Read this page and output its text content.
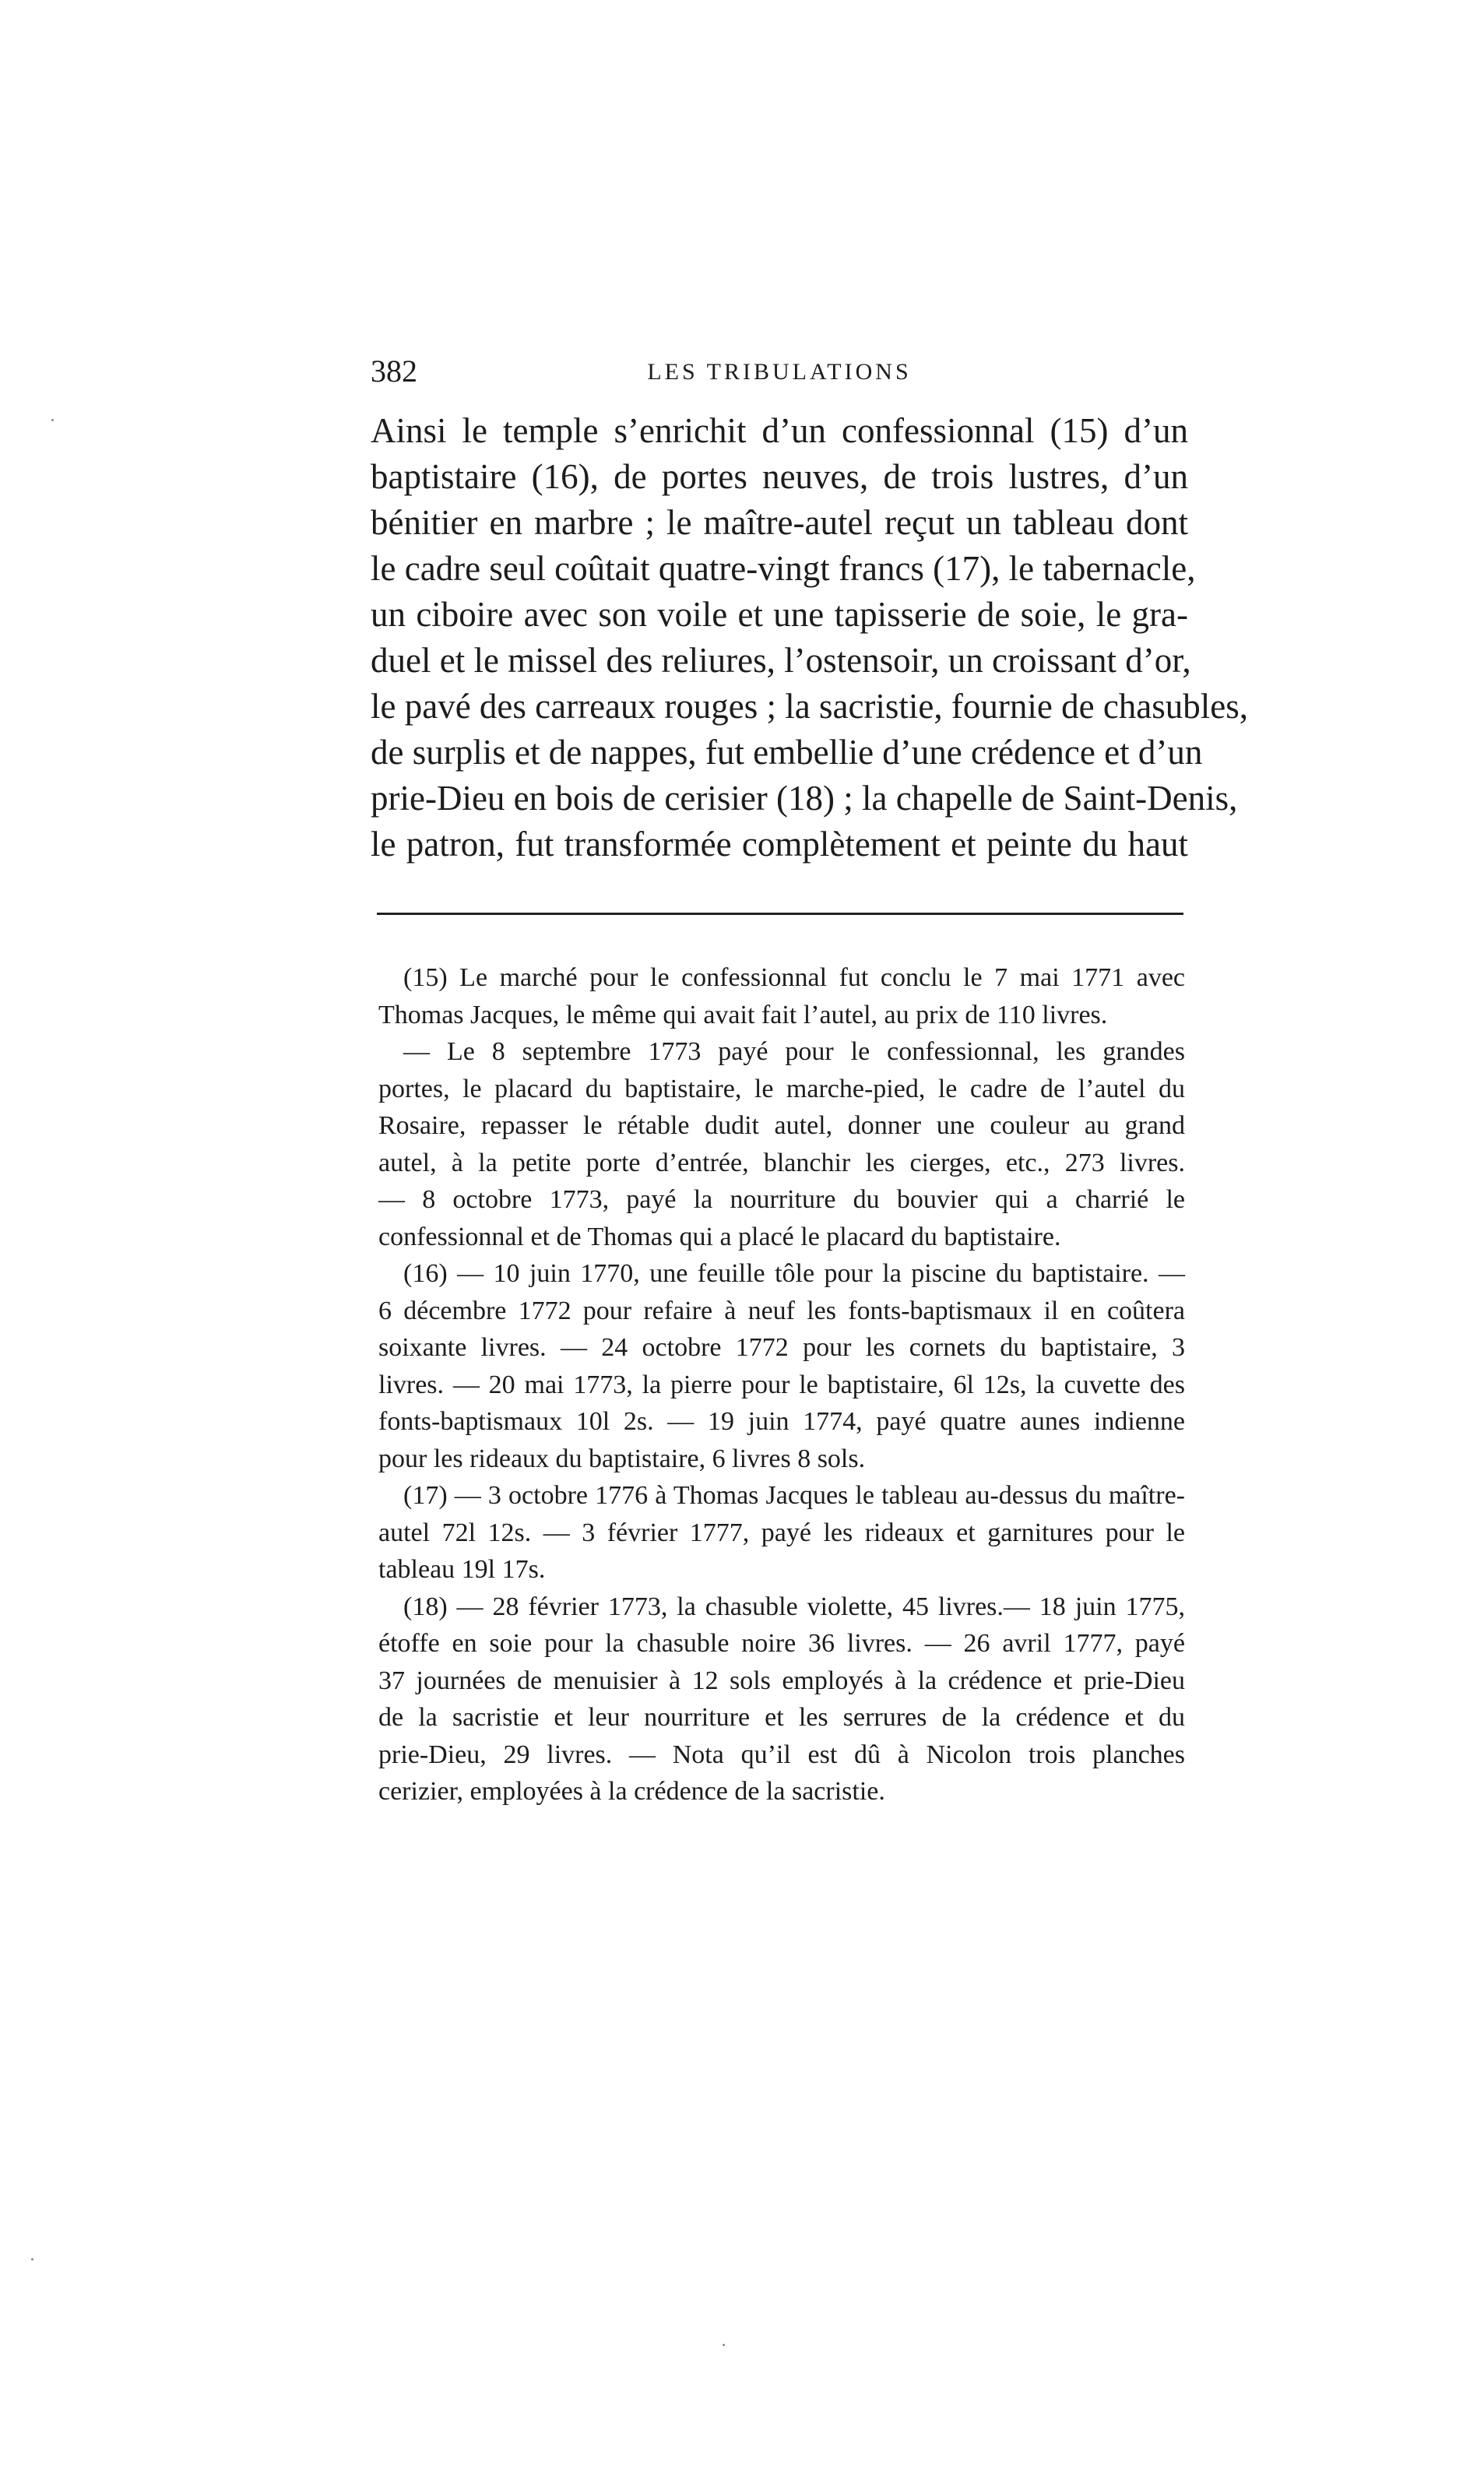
382	LES TRIBULATIONS
Ainsi le temple s’enrichit d’un confessionnal (15) d’un
baptistaire (16), de portes neuves, de trois lustres, d’un
bénitier en marbre ; le maître-autel reçut un tableau dont
le cadre seul coûtait quatre-vingt francs (17), le tabernacle,
un ciboire avec son voile et une tapisserie de soie, le gra-
duel et le missel des reliures, l’ostensoir, un croissant d’or,
le pavé des carreaux rouges ; la sacristie, fournie de chasubles,
de surplis et de nappes, fut embellie d’une crédence et d’un
prie-Dieu en bois de cerisier (18) ; la chapelle de Saint-Denis,
le patron, fut transformée complètement et peinte du haut
(15) Le marché pour le confessionnal fut conclu le 7 mai 1771 avec
Thomas Jacques, le même qui avait fait l’autel, au prix de 110 livres.
— Le 8 septembre 1773 payé pour le confessionnal, les grandes
portes, le placard du baptistaire, le marche-pied, le cadre de l’autel du
Rosaire, repasser le rétable dudit autel, donner une couleur au grand
autel, à la petite porte d’entrée, blanchir les cierges, etc., 273 livres.
— 8 octobre 1773, payé la nourriture du bouvier qui a charrié le
confessionnal et de Thomas qui a placé le placard du baptistaire.
(16) — 10 juin 1770, une feuille tôle pour la piscine du baptistaire. —
6 décembre 1772 pour refaire à neuf les fonts-baptismaux il en coûtera
soixante livres. — 24 octobre 1772 pour les cornets du baptistaire, 3
livres. — 20 mai 1773, la pierre pour le baptistaire, 6l 12s, la cuvette des
fonts-baptismaux 10l 2s. — 19 juin 1774, payé quatre aunes indienne
pour les rideaux du baptistaire, 6 livres 8 sols.
(17) — 3 octobre 1776 à Thomas Jacques le tableau au-dessus du maître-
autel 72l 12s. — 3 février 1777, payé les rideaux et garnitures pour le
tableau 19l 17s.
(18) — 28 février 1773, la chasuble violette, 45 livres.— 18 juin 1775,
étoffe en soie pour la chasuble noire 36 livres. — 26 avril 1777, payé
37 journées de menuisier à 12 sols employés à la crédence et prie-Dieu
de la sacristie et leur nourriture et les serrures de la crédence et du
prie-Dieu, 29 livres. — Nota qu’il est dû à Nicolon trois planches
cerizier, employées à la crédence de la sacristie.
